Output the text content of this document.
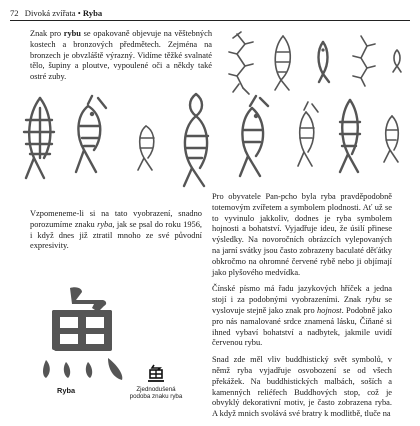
72 Divoká zvířata • Ryba
Znak pro rybu se opakovaně objevuje na věštebných kostech a bronzových předmětech. Zejména na bronzech je obvzláště výrazný. Vidíme těžké svalnaté tělo, šupiny a ploutve, vypoulené oči a někdy také ostré zuby.
Vzpomeneme-li si na tato vyobrazení, snadno porozumíme znaku ryba, jak se psal do roku 1956, i když dnes již ztratil mnoho ze své původní expresivity.

Pro obyvatele Pan-pcho byla ryba pravděpodobně totemovým zvířetem a symbolem plodnosti. Ať už se to vyvinulo jakkoliv, dodnes je ryba symbolem hojnosti a bohatství. Vyjadřuje ideu, že úsilí přinese výsledky. Na novoročních obrázcích vylepovaných na jarní svátky jsou často zobrazeny baculaté děťátky obkročmo na ohromné červené rybě nebo ji objímají jako plyšového medvídka.

Čínské písmo má řadu jazykových hříček a jedna stojí i za podobnými vyobrazeními. Znak rybu se vyslovuje stejně jako znak pro hojnost. Podobně jako pro nás namalované srdce znamená lásku, Číňané si ihned vybaví bohatství a nadbytek, jakmile uvidí červenou rybu.

Snad zde měl vliv buddhistický svět symbolů, v němž ryba vyjadřuje osvobození se od všech překážek. Na buddhistických malbách, soších a kamenných reliéfech Buddhových stop, což je obvyklý dekorativní motiv, je často zobrazena ryba. A když mnich svolává své bratry k modlitbě, tluče na

Ryba	Zjednodušená podoba znaku ryba
